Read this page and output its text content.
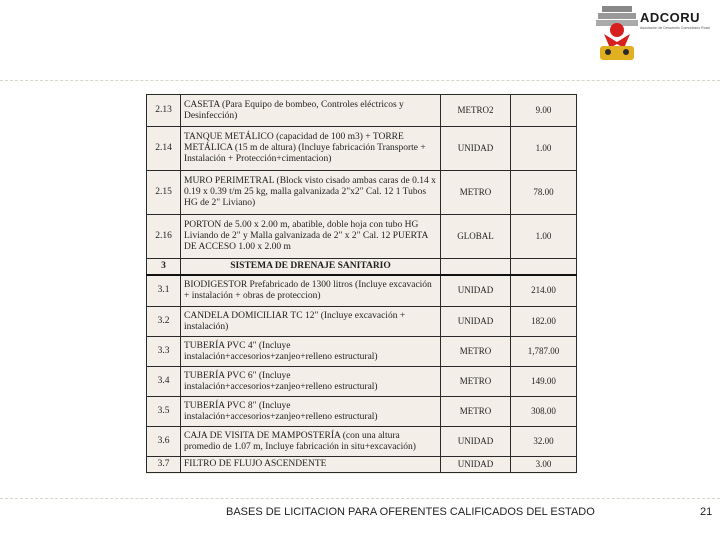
ADCORU
Asociación de Desarrollo Comunitario Rural
2.13	CASETA (Para Equipo de bombeo, Controles eléctricos y Desinfección)	METRO2	9.00
2.14	TANQUE METÁLICO (capacidad de 100 m3) + TORRE METÁLICA (15 m de altura) (Incluye fabricación Transporte + Instalación + Protección+cimentacion)	UNIDAD	1.00
2.15	MURO PERIMETRAL (Block visto cisado ambas caras de 0.14 x 0.19 x 0.39 t/m 25 kg, malla galvanizada 2"x2" Cal. 12 1 Tubos HG de 2" Liviano)	METRO	78.00
2.16	PORTON de 5.00 x 2.00 m, abatible, doble hoja con tubo HG Liviando de 2" y Malla galvanizada de 2" x 2" Cal. 12 PUERTA DE ACCESO 1.00 x 2.00 m	GLOBAL	1.00
3	SISTEMA DE DRENAJE SANITARIO		
3.1	BIODIGESTOR Prefabricado de 1300 litros (Incluye excavación + instalación + obras de proteccion)	UNIDAD	214.00
3.2	CANDELA DOMICILIAR TC 12" (Incluye excavación + instalación)	UNIDAD	182.00
3.3	TUBERÍA PVC 4" (Incluye instalación+accesorios+zanjeo+relleno estructural)	METRO	1,787.00
3.4	TUBERÍA PVC 6" (Incluye instalación+accesorios+zanjeo+relleno estructural)	METRO	149.00
3.5	TUBERÍA PVC 8" (Incluye instalación+accesorios+zanjeo+relleno estructural)	METRO	308.00
3.6	CAJA DE VISITA DE MAMPOSTERÍA (con una altura promedio de 1.07 m, Incluye fabricación in situ+excavación)	UNIDAD	32.00
3.7	FILTRO DE FLUJO ASCENDENTE	UNIDAD	3.00
BASES DE LICITACION PARA OFERENTES CALIFICADOS DEL ESTADO	21
